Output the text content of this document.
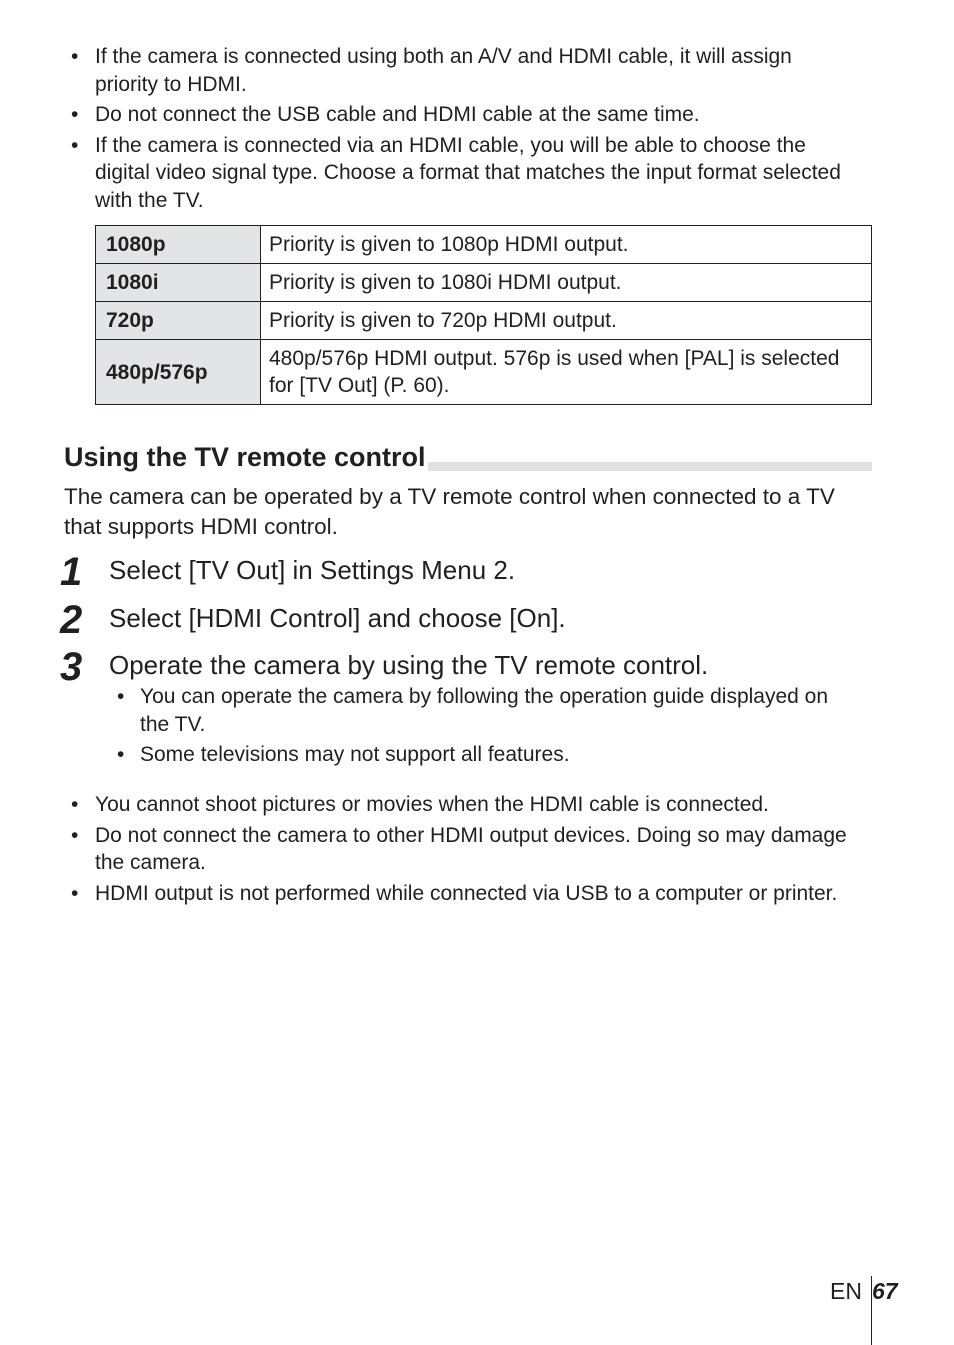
• If the camera is connected using both an A/V and HDMI cable, it will assign priority to HDMI.
• Do not connect the USB cable and HDMI cable at the same time.
• If the camera is connected via an HDMI cable, you will be able to choose the digital video signal type. Choose a format that matches the input format selected with the TV.
1080p	Priority is given to 1080p HDMI output.
1080i	Priority is given to 1080i HDMI output.
720p	Priority is given to 720p HDMI output.
480p/576p	480p/576p HDMI output. 576p is used when [PAL] is selected for [TV Out] (P. 60).
Using the TV remote control

The camera can be operated by a TV remote control when connected to a TV that supports HDMI control.

1 Select [TV Out] in Settings Menu 2.
2 Select [HDMI Control] and choose [On].
3 Operate the camera by using the TV remote control.
• You can operate the camera by following the operation guide displayed on the TV.
• Some televisions may not support all features.
• You cannot shoot pictures or movies when the HDMI cable is connected.
• Do not connect the camera to other HDMI output devices. Doing so may damage the camera.
• HDMI output is not performed while connected via USB to a computer or printer.
EN 67
